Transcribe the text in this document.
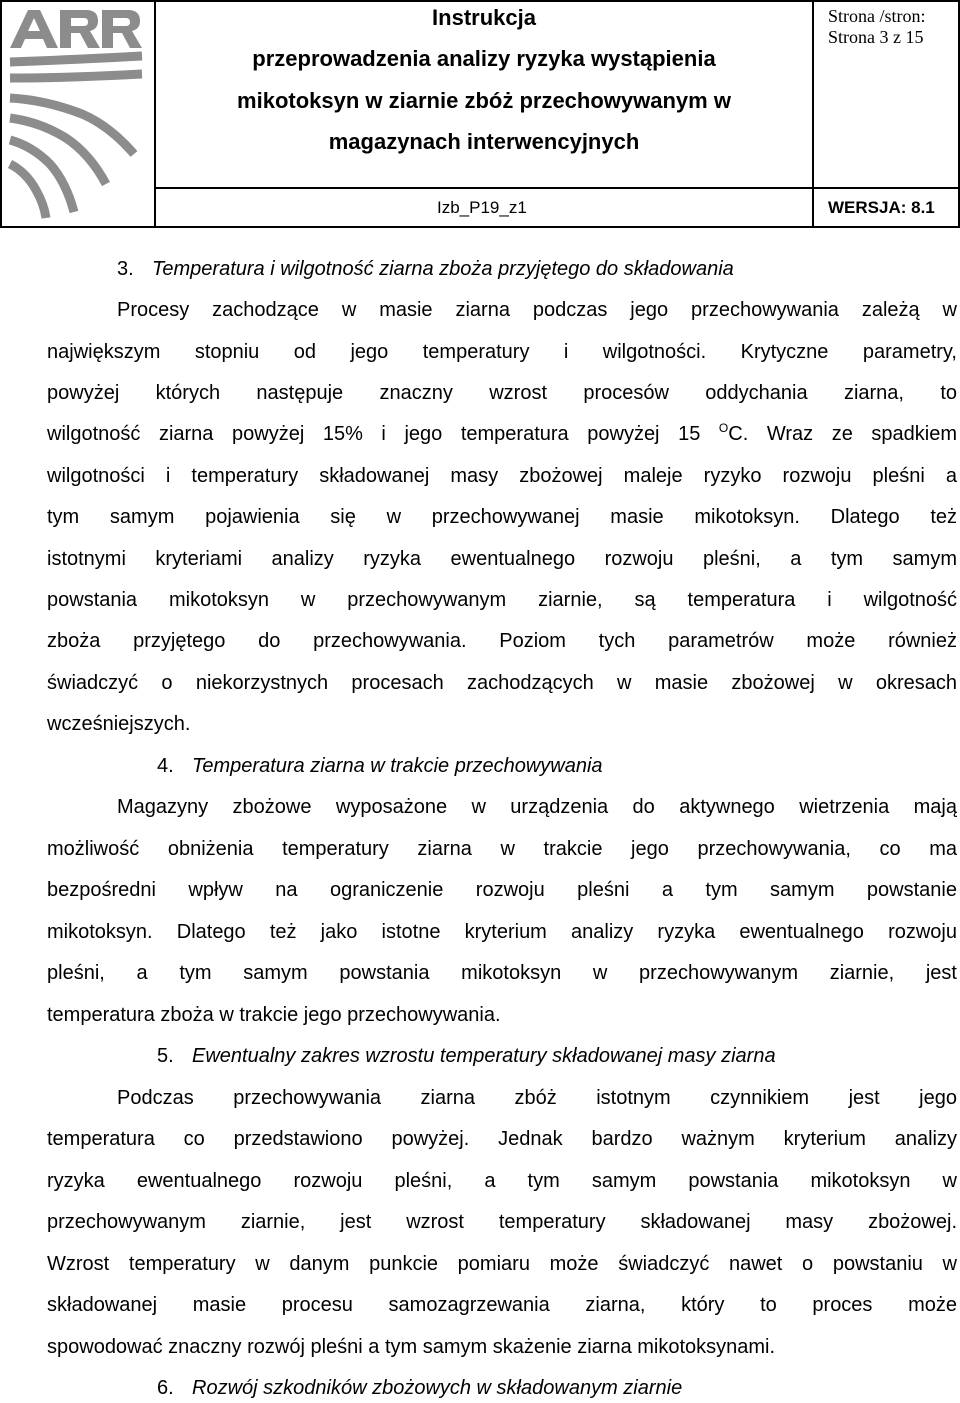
Instrukcja
przeprowadzenia analizy ryzyka wystąpienia
mikotoksyn w ziarnie zbóż przechowywanym w
magazynach interwencyjnych
Strona /stron:
Strona 3 z 15
Izb_P19_z1	WERSJA: 8.1
3. Temperatura i wilgotność ziarna zboża przyjętego do składowania
Procesy zachodzące w masie ziarna podczas jego przechowywania zależą w
największym stopniu od jego temperatury i wilgotności. Krytyczne parametry,
powyżej których następuje znaczny wzrost procesów oddychania ziarna, to
wilgotność ziarna powyżej 15% i jego temperatura powyżej 15 $^O$C. Wraz ze spadkiem
wilgotności i temperatury składowanej masy zbożowej maleje ryzyko rozwoju pleśni a
tym samym pojawienia się w przechowywanej masie mikotoksyn. Dlatego też
istotnymi kryteriami analizy ryzyka ewentualnego rozwoju pleśni, a tym samym
powstania mikotoksyn w przechowywanym ziarnie, są temperatura i wilgotność
zboża przyjętego do przechowywania. Poziom tych parametrów może również
świadczyć o niekorzystnych procesach zachodzących w masie zbożowej w okresach
wcześniejszych.
4. Temperatura ziarna w trakcie przechowywania
Magazyny zbożowe wyposażone w urządzenia do aktywnego wietrzenia mają
możliwość obniżenia temperatury ziarna w trakcie jego przechowywania, co ma
bezpośredni wpływ na ograniczenie rozwoju pleśni a tym samym powstanie
mikotoksyn. Dlatego też jako istotne kryterium analizy ryzyka ewentualnego rozwoju
pleśni, a tym samym powstania mikotoksyn w przechowywanym ziarnie, jest
temperatura zboża w trakcie jego przechowywania.
5. Ewentualny zakres wzrostu temperatury składowanej masy ziarna
Podczas przechowywania ziarna zbóż istotnym czynnikiem jest jego
temperatura co przedstawiono powyżej. Jednak bardzo ważnym kryterium analizy
ryzyka ewentualnego rozwoju pleśni, a tym samym powstania mikotoksyn w
przechowywanym ziarnie, jest wzrost temperatury składowanej masy zbożowej.
Wzrost temperatury w danym punkcie pomiaru może świadczyć nawet o powstaniu w
składowanej masie procesu samozagrzewania ziarna, który to proces może
spowodować znaczny rozwój pleśni a tym samym skażenie ziarna mikotoksynami.
6. Rozwój szkodników zbożowych w składowanym ziarnie
